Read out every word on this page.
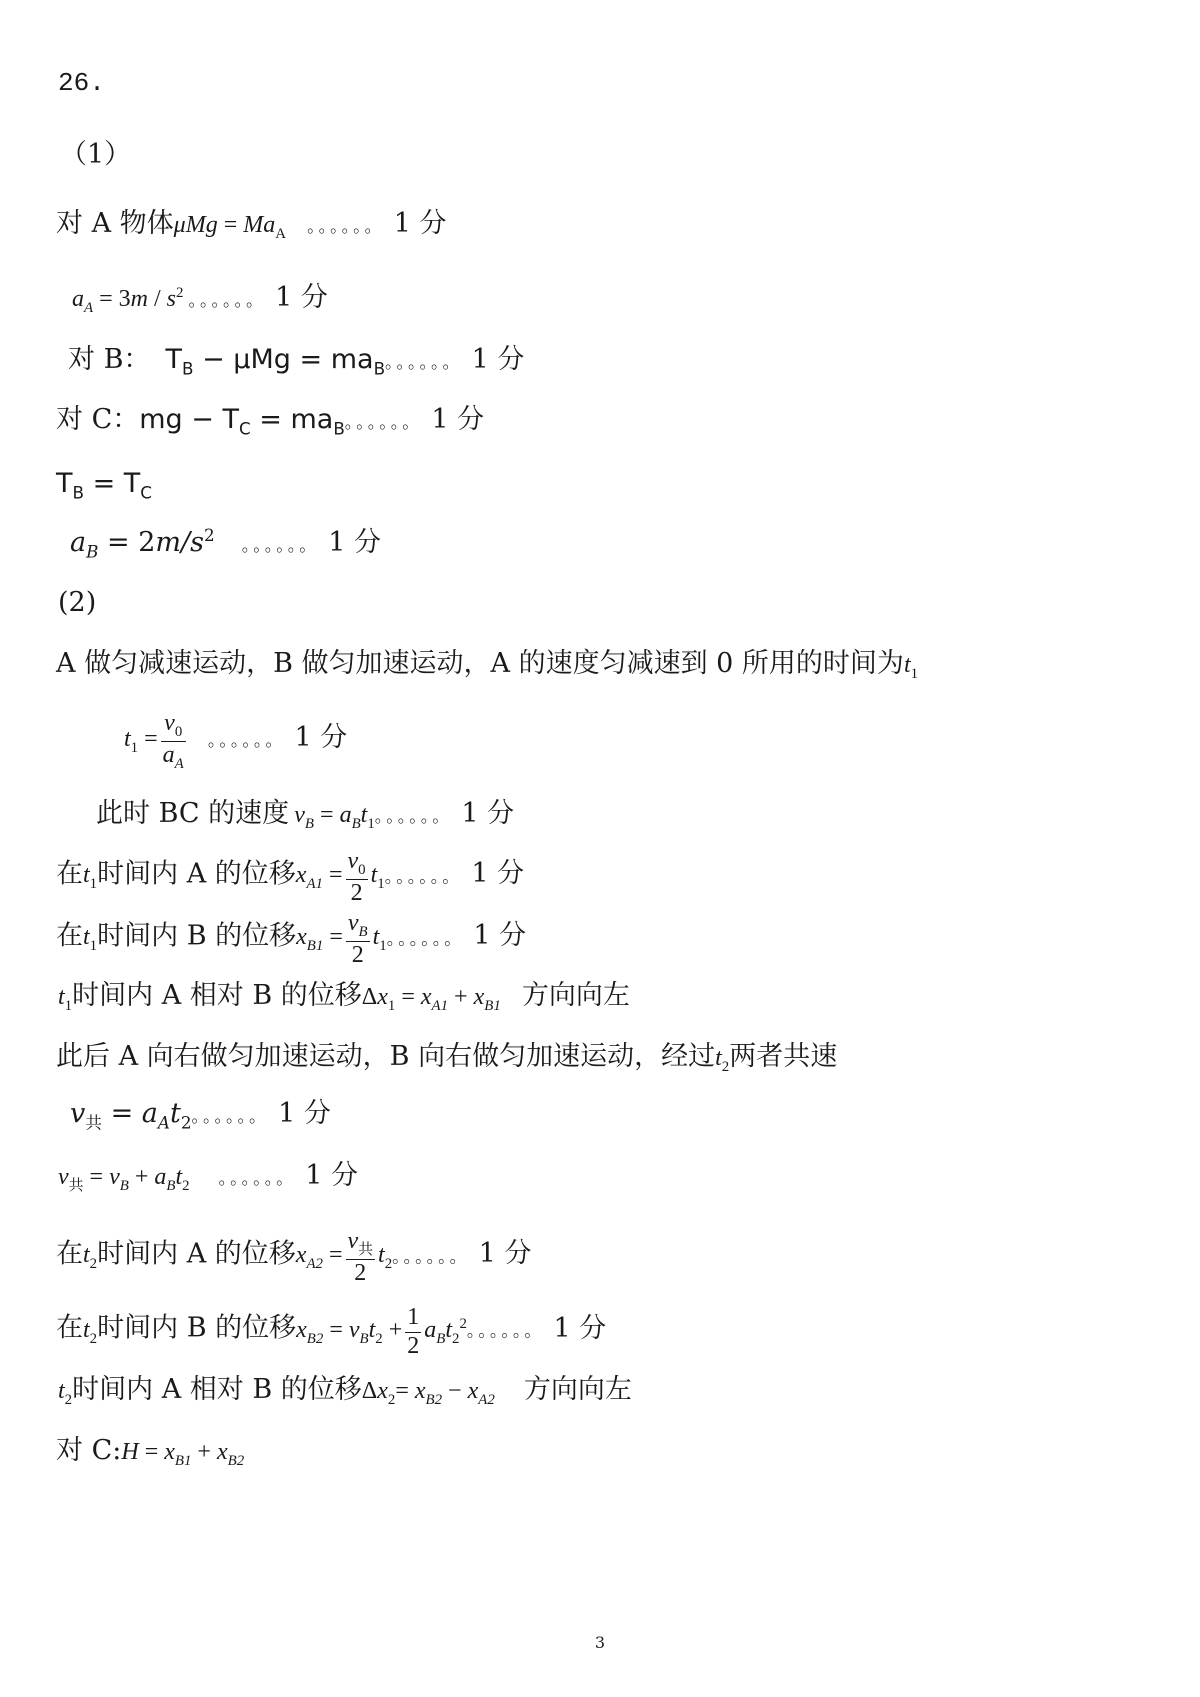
26.
（1）
对 A 物体$\mu Mg = Ma_A$ 。。。。。。 1 分
$a_A = 3m / s^2$ 。。。。。。 1 分
对 B： $T_B - \mu Mg = ma_B$。。。。。。 1 分
对 C：mg − $T_C = ma_B$。。。。。。 1 分
$T_B = T_C$
$a_B = 2m/s^2$ 。。。。。。 1 分
(2)
A 做匀减速运动，B 做匀加速运动，A 的速度匀减速到 0 所用的时间为$t_1$
$t_1 = \frac{v_0}{a_A}$ 。。。。。。 1 分
此时 BC 的速度 $v_B = a_Bt_1$。。。。。。 1 分
在$t_1$时间内 A 的位移$x_{A1} = \frac{v_0}{2} t_1$。。。。。。 1 分
在$t_1$时间内 B 的位移$x_{B1} = \frac{v_B}{2} t_1$。。。。。。 1 分
$t_1$时间内 A 相对 B 的位移$\Delta x_1 = x_{A1} + x_{B1}$ 方向向左
此后 A 向右做匀加速运动，B 向右做匀加速运动，经过$t_2$两者共速
$v_共 = a_At_2$。。。。。。 1 分
$v_共 = v_B + a_Bt_2$ 。。。。。。 1 分
在$t_2$时间内 A 的位移$x_{A2} = \frac{v_共}{2} t_2$。。。。。。 1 分
在$t_2$时间内 B 的位移$x_{B2} = v_Bt_2 + \frac{1}{2} a_Bt_2^2$。。。。。。 1 分
$t_2$时间内 A 相对 B 的位移$\Delta x_2= x_{B2} - x_{A2}$ 方向向左
对 C:H = $x_{B1} + x_{B2}$
3
